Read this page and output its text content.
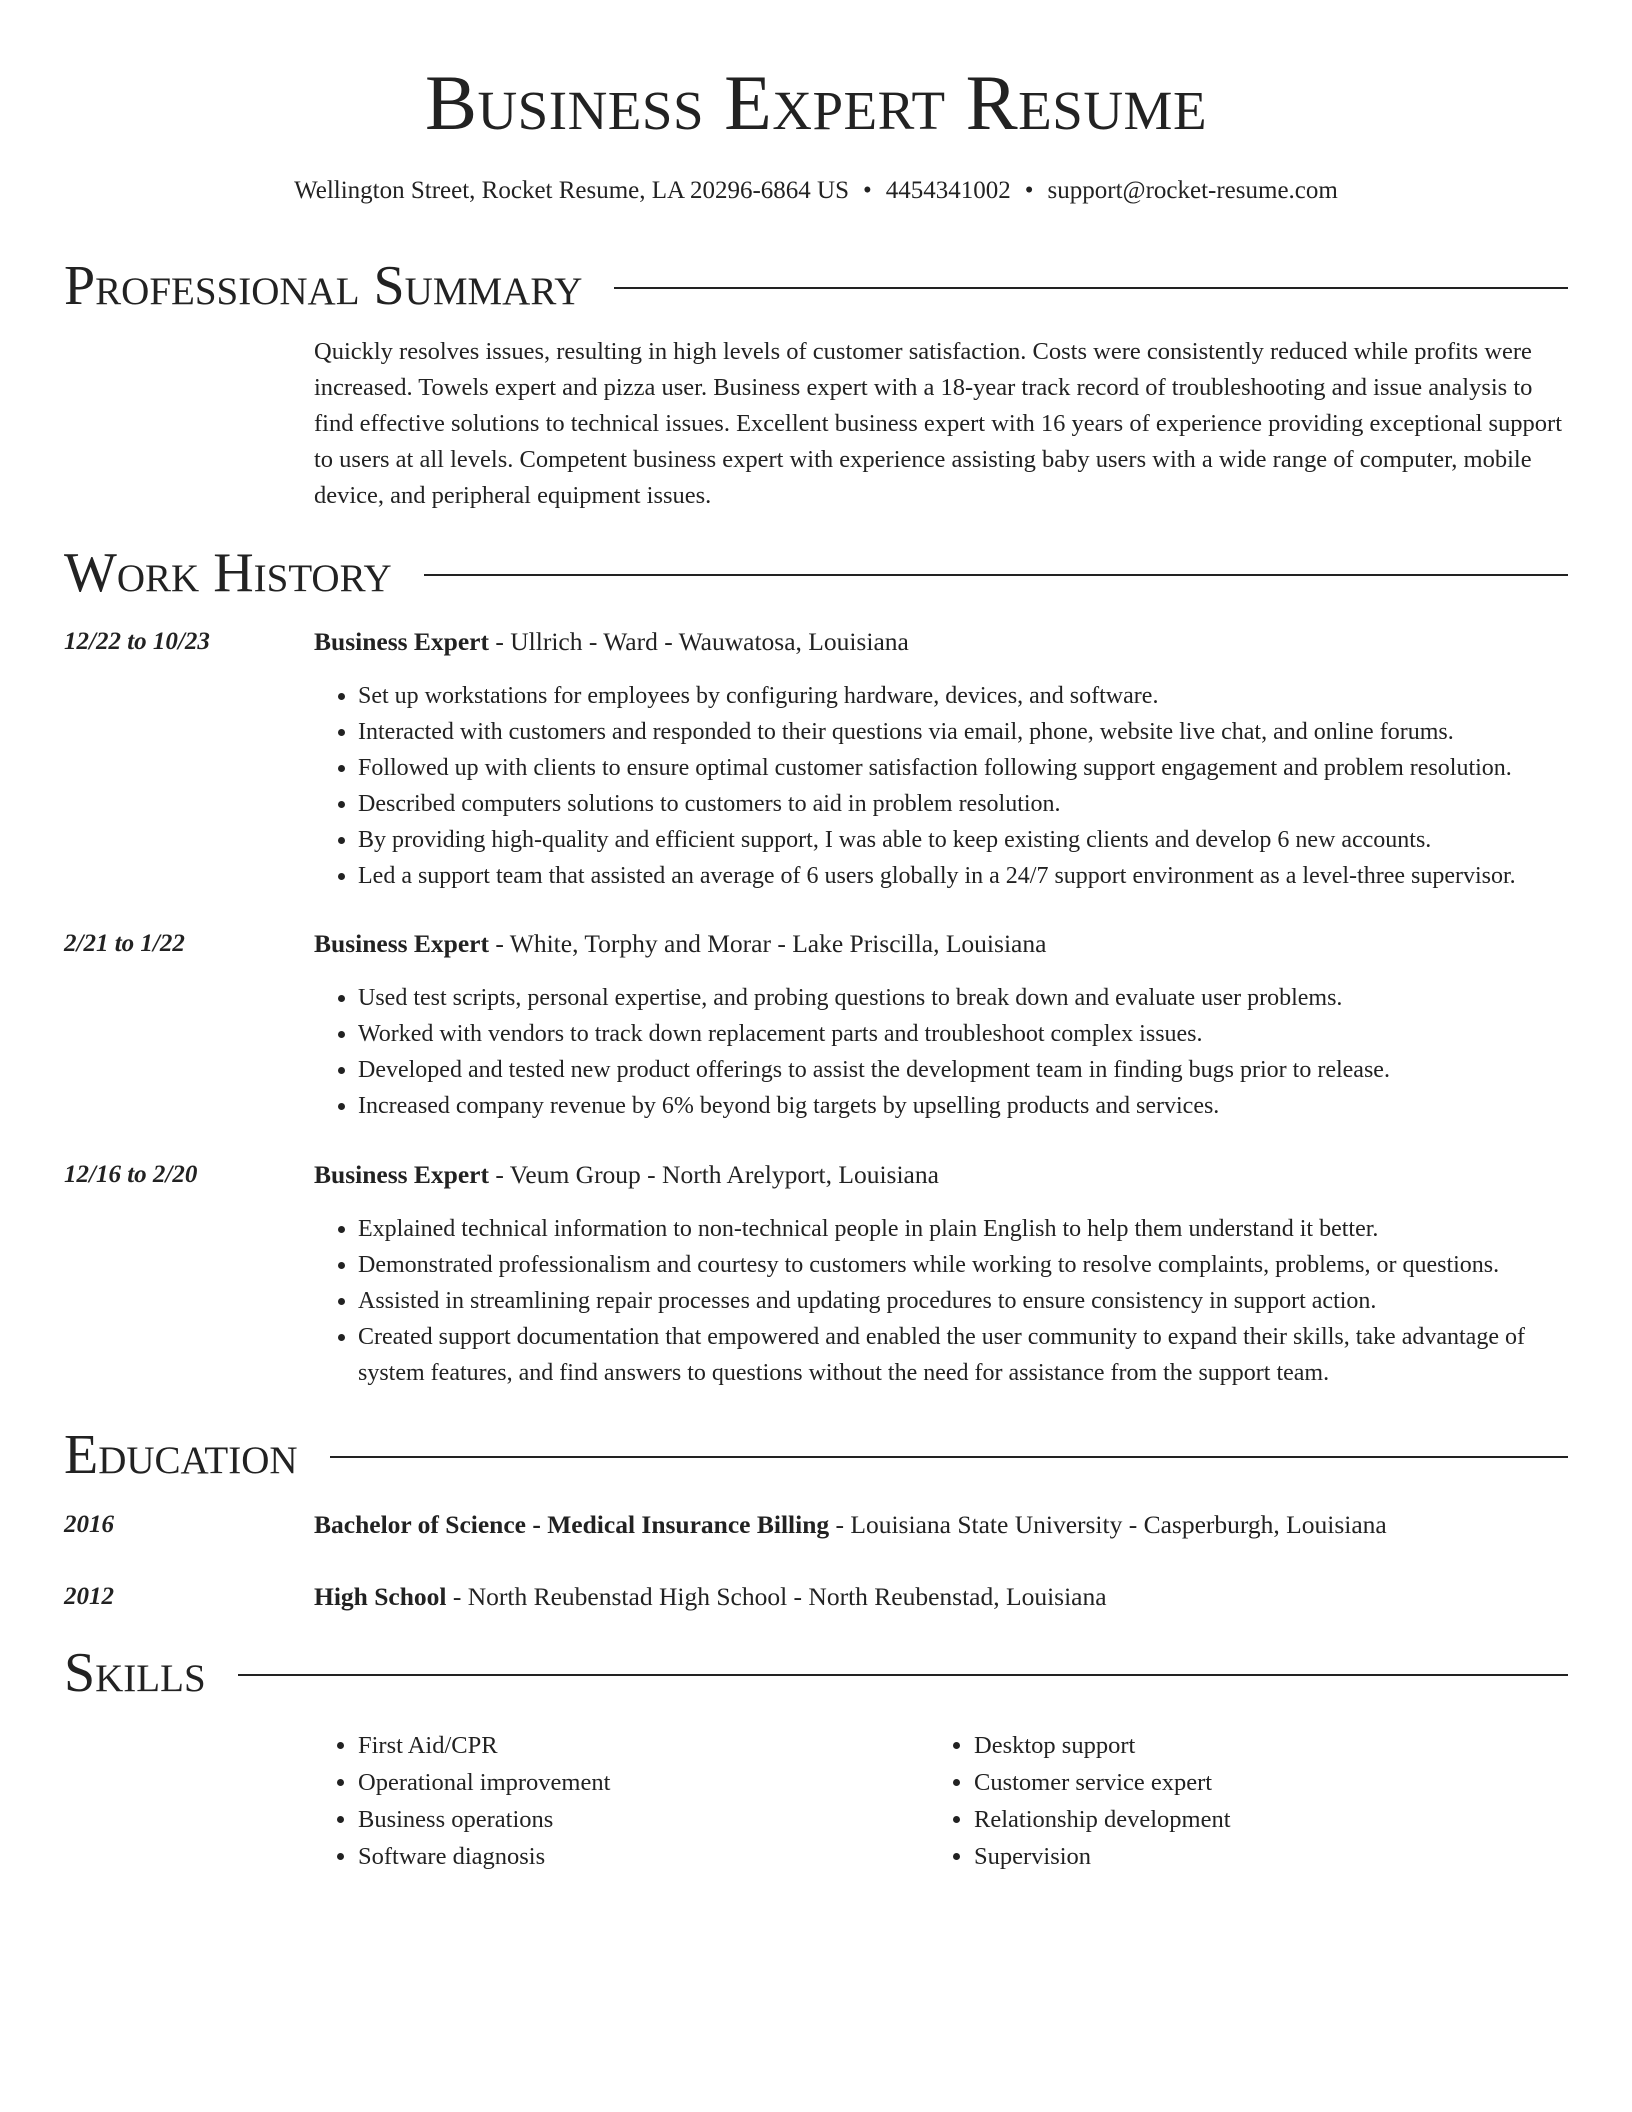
Business Expert Resume
Wellington Street, Rocket Resume, LA 20296-6864 US • 4454341002 • support@rocket-resume.com
Professional Summary
Quickly resolves issues, resulting in high levels of customer satisfaction. Costs were consistently reduced while profits were increased. Towels expert and pizza user. Business expert with a 18-year track record of troubleshooting and issue analysis to find effective solutions to technical issues. Excellent business expert with 16 years of experience providing exceptional support to users at all levels. Competent business expert with experience assisting baby users with a wide range of computer, mobile device, and peripheral equipment issues.
Work History
12/22 to 10/23	Business Expert - Ullrich - Ward - Wauwatosa, Louisiana
• Set up workstations for employees by configuring hardware, devices, and software.
• Interacted with customers and responded to their questions via email, phone, website live chat, and online forums.
• Followed up with clients to ensure optimal customer satisfaction following support engagement and problem resolution.
• Described computers solutions to customers to aid in problem resolution.
• By providing high-quality and efficient support, I was able to keep existing clients and develop 6 new accounts.
• Led a support team that assisted an average of 6 users globally in a 24/7 support environment as a level-three supervisor.
2/21 to 1/22	Business Expert - White, Torphy and Morar - Lake Priscilla, Louisiana
• Used test scripts, personal expertise, and probing questions to break down and evaluate user problems.
• Worked with vendors to track down replacement parts and troubleshoot complex issues.
• Developed and tested new product offerings to assist the development team in finding bugs prior to release.
• Increased company revenue by 6% beyond big targets by upselling products and services.
12/16 to 2/20	Business Expert - Veum Group - North Arelyport, Louisiana
• Explained technical information to non-technical people in plain English to help them understand it better.
• Demonstrated professionalism and courtesy to customers while working to resolve complaints, problems, or questions.
• Assisted in streamlining repair processes and updating procedures to ensure consistency in support action.
• Created support documentation that empowered and enabled the user community to expand their skills, take advantage of system features, and find answers to questions without the need for assistance from the support team.
Education
2016	Bachelor of Science - Medical Insurance Billing - Louisiana State University - Casperburgh, Louisiana
2012	High School - North Reubenstad High School - North Reubenstad, Louisiana
Skills
• First Aid/CPR
• Operational improvement
• Business operations
• Software diagnosis
• Desktop support
• Customer service expert
• Relationship development
• Supervision
